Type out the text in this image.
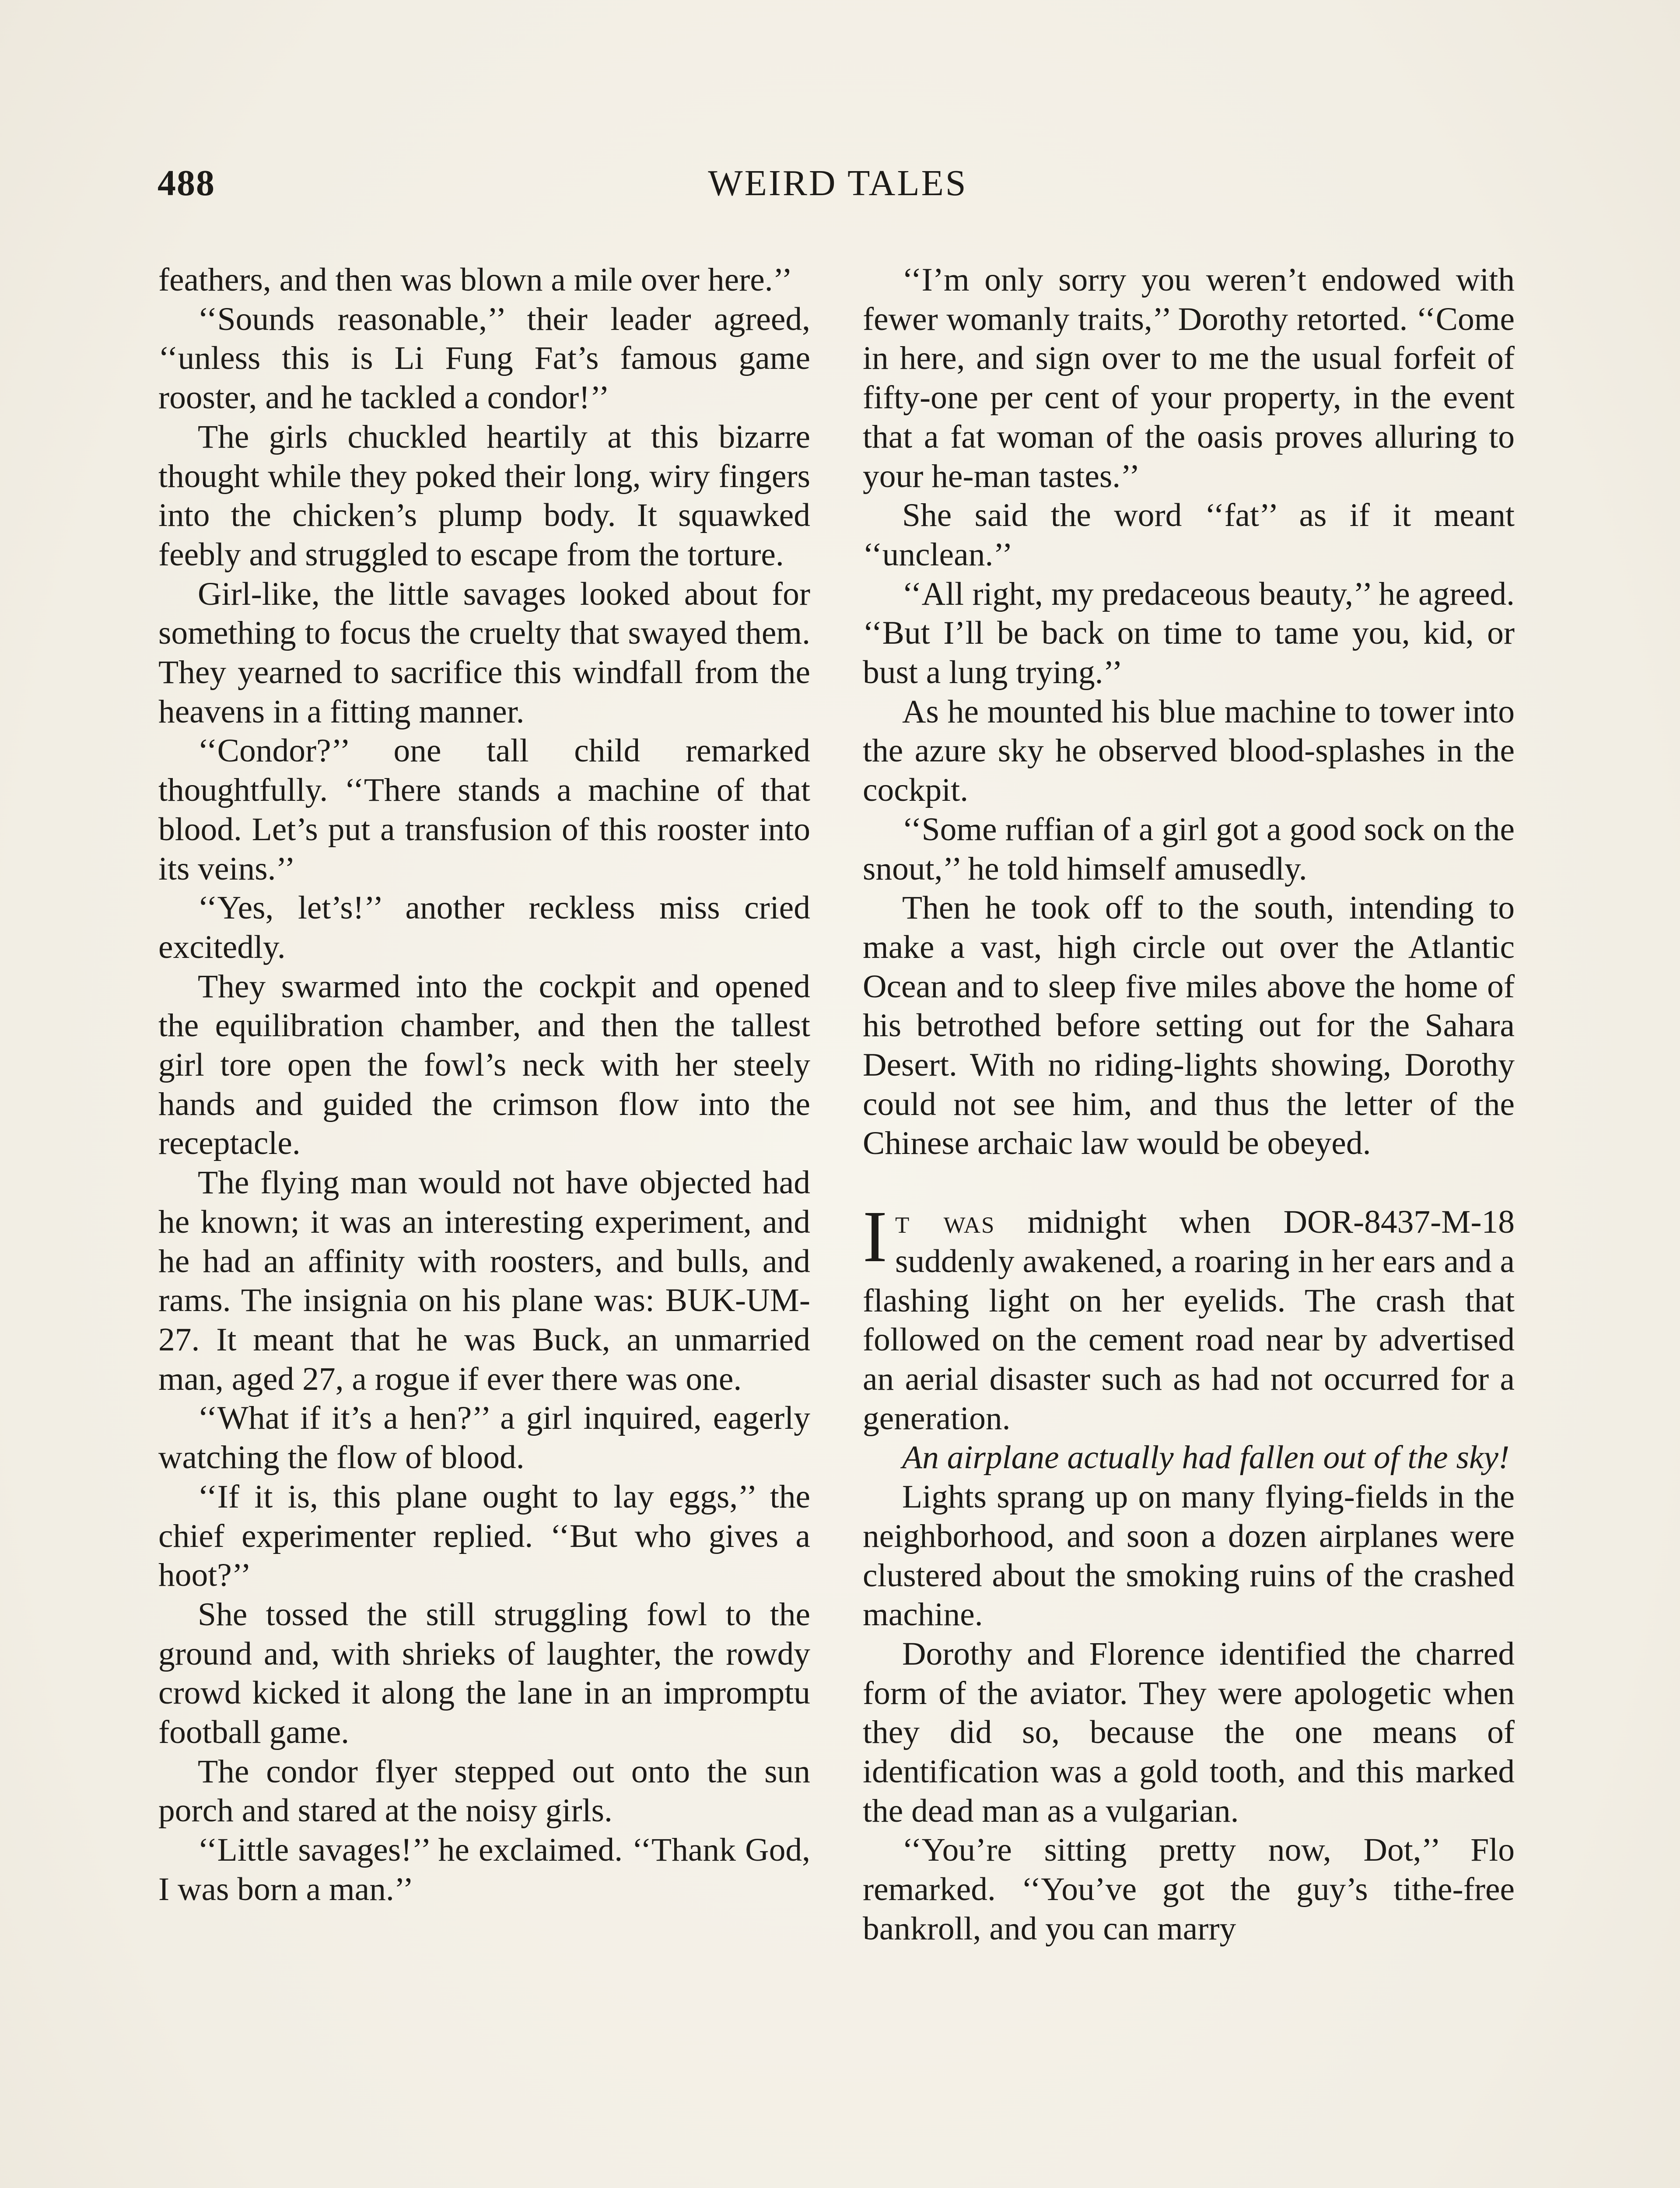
488	WEIRD TALES

feathers, and then was blown a mile over here.’’

‘‘Sounds reasonable,’’ their leader agreed, ‘‘unless this is Li Fung Fat’s famous game rooster, and he tackled a condor!’’

The girls chuckled heartily at this bizarre thought while they poked their long, wiry fingers into the chicken’s plump body. It squawked feebly and struggled to escape from the torture.

Girl-like, the little savages looked about for something to focus the cruelty that swayed them. They yearned to sacrifice this windfall from the heavens in a fitting manner.

‘‘Condor?’’ one tall child remarked thoughtfully. ‘‘There stands a machine of that blood. Let’s put a transfusion of this rooster into its veins.’’

‘‘Yes, let’s!’’ another reckless miss cried excitedly.

They swarmed into the cockpit and opened the equilibration chamber, and then the tallest girl tore open the fowl’s neck with her steely hands and guided the crimson flow into the receptacle.

The flying man would not have objected had he known; it was an interesting experiment, and he had an affinity with roosters, and bulls, and rams. The insignia on his plane was: BUK-UM-27. It meant that he was Buck, an unmarried man, aged 27, a rogue if ever there was one.

‘‘What if it’s a hen?’’ a girl inquired, eagerly watching the flow of blood.

‘‘If it is, this plane ought to lay eggs,’’ the chief experimenter replied. ‘‘But who gives a hoot?’’

She tossed the still struggling fowl to the ground and, with shrieks of laughter, the rowdy crowd kicked it along the lane in an impromptu football game.

The condor flyer stepped out onto the sun porch and stared at the noisy girls.

‘‘Little savages!’’ he exclaimed. ‘‘Thank God, I was born a man.’’

‘‘I’m only sorry you weren’t endowed with fewer womanly traits,’’ Dorothy retorted. ‘‘Come in here, and sign over to me the usual forfeit of fifty-one per cent of your property, in the event that a fat woman of the oasis proves alluring to your he-man tastes.’’

She said the word ‘‘fat’’ as if it meant ‘‘unclean.’’

‘‘All right, my predaceous beauty,’’ he agreed. ‘‘But I’ll be back on time to tame you, kid, or bust a lung trying.’’

As he mounted his blue machine to tower into the azure sky he observed blood-splashes in the cockpit.

‘‘Some ruffian of a girl got a good sock on the snout,’’ he told himself amusedly.

Then he took off to the south, intending to make a vast, high circle out over the Atlantic Ocean and to sleep five miles above the home of his betrothed before setting out for the Sahara Desert. With no riding-lights showing, Dorothy could not see him, and thus the letter of the Chinese archaic law would be obeyed.

It was midnight when DOR-8437-M-18 suddenly awakened, a roaring in her ears and a flashing light on her eyelids. The crash that followed on the cement road near by advertised an aerial disaster such as had not occurred for a generation.

An airplane actually had fallen out of the sky!

Lights sprang up on many flying-fields in the neighborhood, and soon a dozen airplanes were clustered about the smoking ruins of the crashed machine.

Dorothy and Florence identified the charred form of the aviator. They were apologetic when they did so, because the one means of identification was a gold tooth, and this marked the dead man as a vulgarian.

‘‘You’re sitting pretty now, Dot,’’ Flo remarked. ‘‘You’ve got the guy’s tithe-free bankroll, and you can marry
